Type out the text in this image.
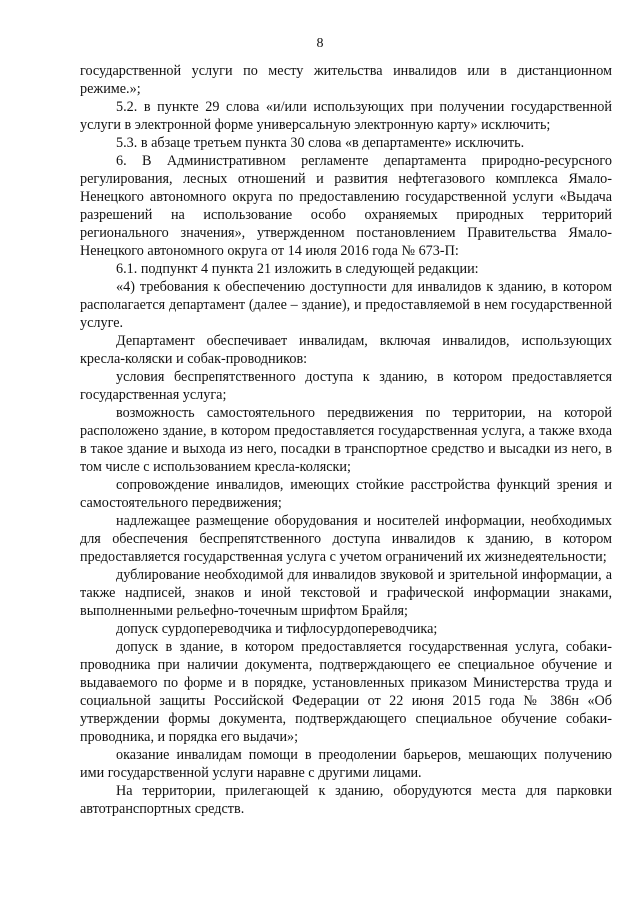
8

государственной услуги по месту жительства инвалидов или в дистанционном режиме.»;

5.2. в пункте 29 слова «и/или использующих при получении государственной услуги в электронной форме универсальную электронную карту» исключить;

5.3. в абзаце третьем пункта 30 слова «в департаменте» исключить.

6. В Административном регламенте департамента природно-ресурсного регулирования, лесных отношений и развития нефтегазового комплекса Ямало-Ненецкого автономного округа по предоставлению государственной услуги «Выдача разрешений на использование особо охраняемых природных территорий регионального значения», утвержденном постановлением Правительства Ямало-Ненецкого автономного округа от 14 июля 2016 года № 673-П:

6.1. подпункт 4 пункта 21 изложить в следующей редакции:

«4) требования к обеспечению доступности для инвалидов к зданию, в котором располагается департамент (далее – здание), и предоставляемой в нем государственной услуге.

Департамент обеспечивает инвалидам, включая инвалидов, использующих кресла-коляски и собак-проводников:

условия беспрепятственного доступа к зданию, в котором предоставляется государственная услуга;

возможность самостоятельного передвижения по территории, на которой расположено здание, в котором предоставляется государственная услуга, а также входа в такое здание и выхода из него, посадки в транспортное средство и высадки из него, в том числе с использованием кресла-коляски;

сопровождение инвалидов, имеющих стойкие расстройства функций зрения и самостоятельного передвижения;

надлежащее размещение оборудования и носителей информации, необходимых для обеспечения беспрепятственного доступа инвалидов к зданию, в котором предоставляется государственная услуга с учетом ограничений их жизнедеятельности;

дублирование необходимой для инвалидов звуковой и зрительной информации, а также надписей, знаков и иной текстовой и графической информации знаками, выполненными рельефно-точечным шрифтом Брайля;

допуск сурдопереводчика и тифлосурдопереводчика;

допуск в здание, в котором предоставляется государственная услуга, собаки-проводника при наличии документа, подтверждающего ее специальное обучение и выдаваемого по форме и в порядке, установленных приказом Министерства труда и социальной защиты Российской Федерации от 22 июня 2015 года № 386н «Об утверждении формы документа, подтверждающего специальное обучение собаки-проводника, и порядка его выдачи»;

оказание инвалидам помощи в преодолении барьеров, мешающих получению ими государственной услуги наравне с другими лицами.

На территории, прилегающей к зданию, оборудуются места для парковки автотранспортных средств.
